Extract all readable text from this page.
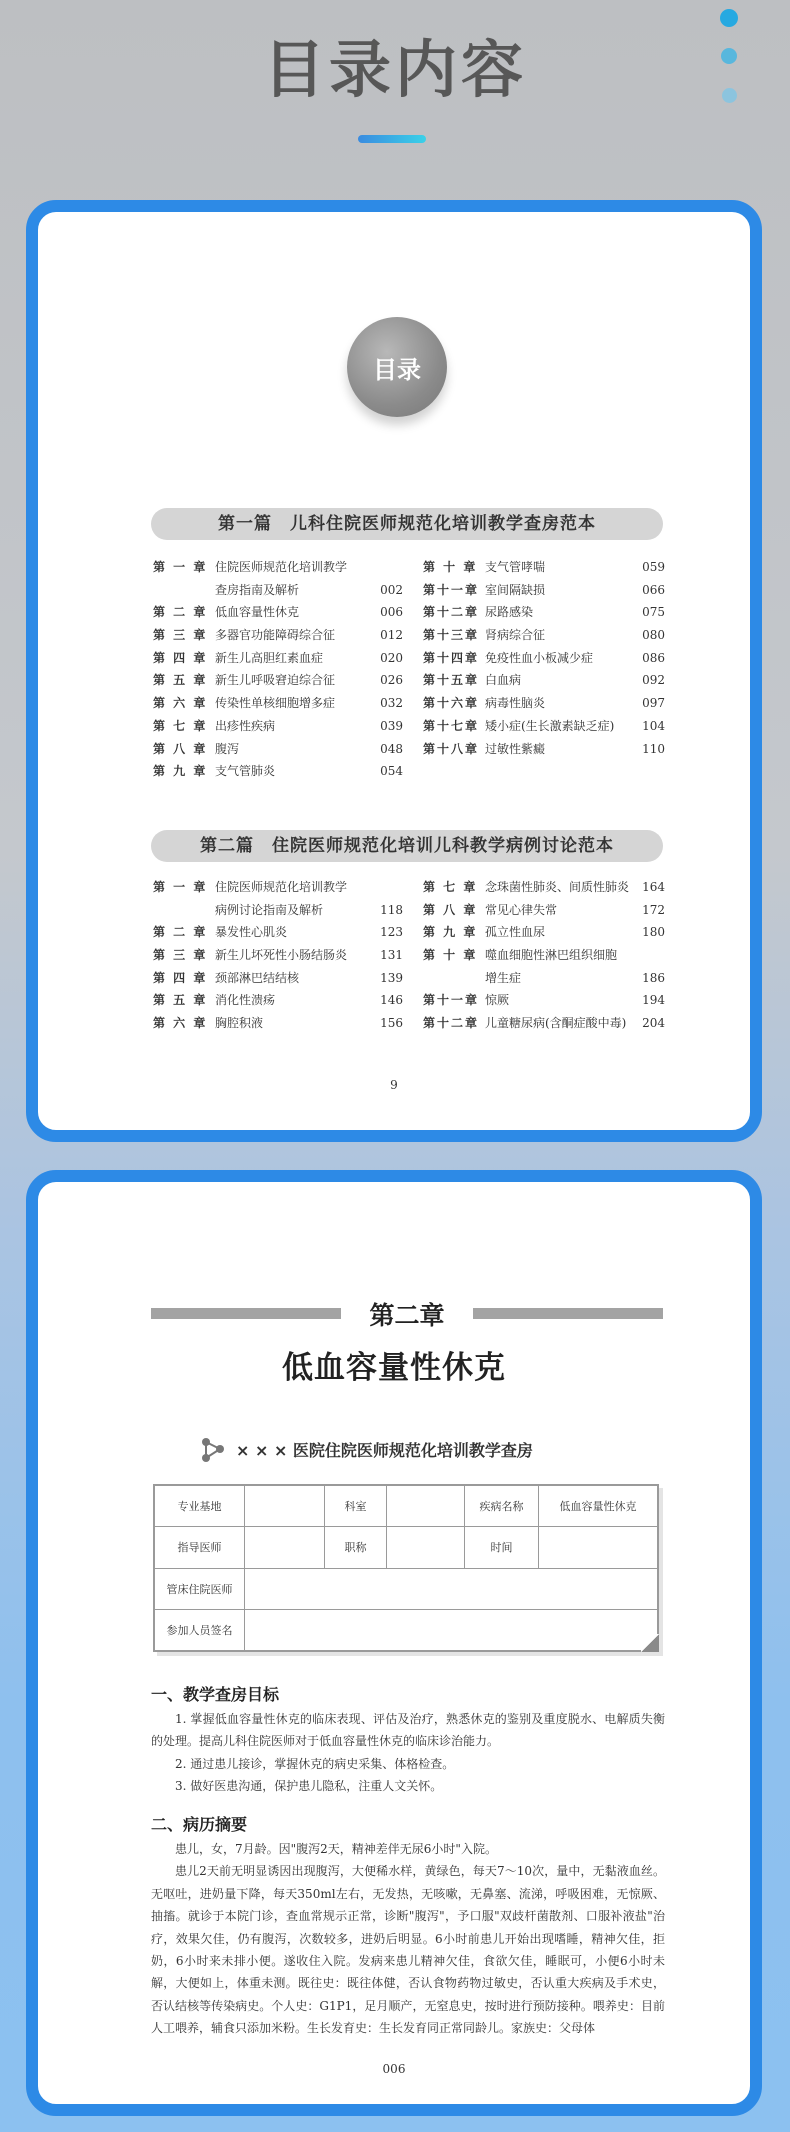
目录内容
目录
第一篇　儿科住院医师规范化培训教学查房范本
第 一 章 住院医师规范化培训教学
查房指南及解析	002
第 二 章 低血容量性休克	006
第 三 章 多器官功能障碍综合征	012
第 四 章 新生儿高胆红素血症	020
第 五 章 新生儿呼吸窘迫综合征	026
第 六 章 传染性单核细胞增多症	032
第 七 章 出疹性疾病	039
第 八 章 腹泻	048
第 九 章 支气管肺炎	054
第 十 章 支气管哮喘	059
第十一章 室间隔缺损	066
第十二章 尿路感染	075
第十三章 肾病综合征	080
第十四章 免疫性血小板减少症	086
第十五章 白血病	092
第十六章 病毒性脑炎	097
第十七章 矮小症(生长激素缺乏症)	104
第十八章 过敏性紫癜	110
第二篇　住院医师规范化培训儿科教学病例讨论范本
第 一 章 住院医师规范化培训教学
病例讨论指南及解析	118
第 二 章 暴发性心肌炎	123
第 三 章 新生儿坏死性小肠结肠炎	131
第 四 章 颈部淋巴结结核	139
第 五 章 消化性溃疡	146
第 六 章 胸腔积液	156
第 七 章 念珠菌性肺炎、间质性肺炎	164
第 八 章 常见心律失常	172
第 九 章 孤立性血尿	180
第 十 章 噬血细胞性淋巴组织细胞
增生症	186
第十一章 惊厥	194
第十二章 儿童糖尿病(含酮症酸中毒)	204
9
第二章
低血容量性休克
× × × 医院住院医师规范化培训教学查房
专业基地		科室		疾病名称	低血容量性休克
指导医师		职称		时间	
管床住院医师					
参加人员签名					
一、教学查房目标

1. 掌握低血容量性休克的临床表现、评估及治疗，熟悉休克的鉴别及重度脱水、电解质失衡的处理。提高儿科住院医师对于低血容量性休克的临床诊治能力。

2. 通过患儿接诊，掌握休克的病史采集、体格检查。

3. 做好医患沟通，保护患儿隐私，注重人文关怀。

二、病历摘要

患儿，女，7月龄。因"腹泻2天，精神差伴无尿6小时"入院。

患儿2天前无明显诱因出现腹泻，大便稀水样，黄绿色，每天7～10次，量中，无黏液血丝。无呕吐，进奶量下降，每天350ml左右，无发热，无咳嗽，无鼻塞、流涕，呼吸困难，无惊厥、抽搐。就诊于本院门诊，查血常规示正常，诊断"腹泻"，予口服"双歧杆菌散剂、口服补液盐"治疗，效果欠佳，仍有腹泻，次数较多，进奶后明显。6小时前患儿开始出现嗜睡，精神欠佳，拒奶，6小时来未排小便。遂收住入院。发病来患儿精神欠佳，食欲欠佳，睡眠可，小便6小时未解，大便如上，体重未测。既往史：既往体健，否认食物药物过敏史，否认重大疾病及手术史，否认结核等传染病史。个人史：G1P1，足月顺产，无窒息史，按时进行预防接种。喂养史：目前人工喂养，辅食只添加米粉。生长发育史：生长发育同正常同龄儿。家族史：父母体

006
